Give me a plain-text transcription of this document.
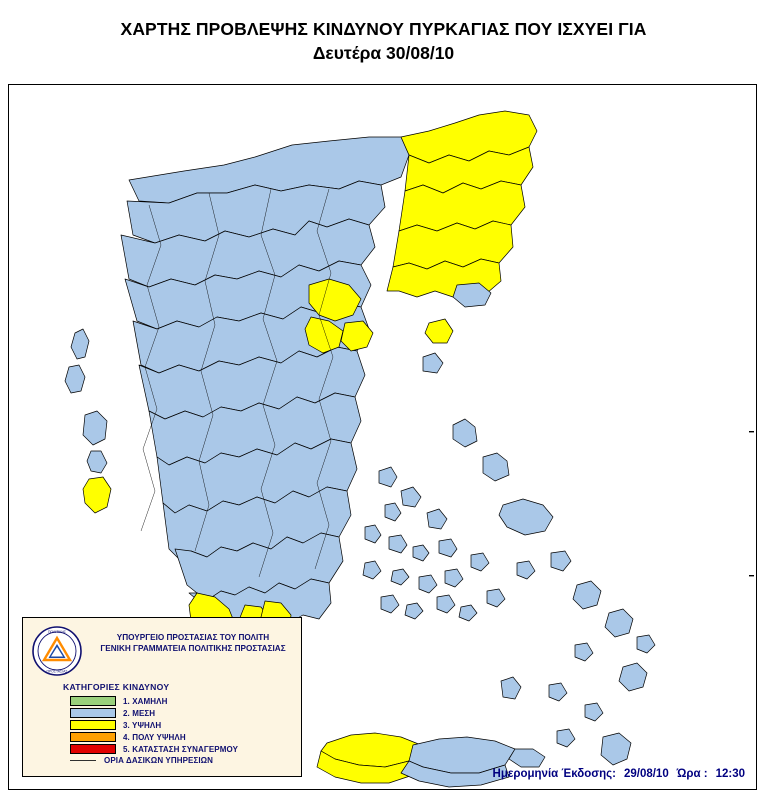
ΧΑΡΤΗΣ ΠΡΟΒΛΕΨΗΣ ΚΙΝΔΥΝΟΥ ΠΥΡΚΑΓΙΑΣ ΠΟΥ ΙΣΧΥΕΙ ΓΙΑ
Δευτέρα 30/08/10
ΠΟΛΙΤΙΚΗΣ
ΠΡΟΣΤΑΣΙΑΣ
ΥΠΟΥΡΓΕΙΟ ΠΡΟΣΤΑΣΙΑΣ ΤΟΥ ΠΟΛΙΤΗ
ΓΕΝΙΚΗ ΓΡΑΜΜΑΤΕΙΑ ΠΟΛΙΤΙΚΗΣ ΠΡΟΣΤΑΣΙΑΣ
ΚΑΤΗΓΟΡΙΕΣ ΚΙΝΔΥΝΟΥ
1. ΧΑΜΗΛΗ
2. ΜΕΣΗ
3. ΥΨΗΛΗ
4. ΠΟΛΥ ΥΨΗΛΗ
5. ΚΑΤΑΣΤΑΣΗ ΣΥΝΑΓΕΡΜΟΥ
ΟΡΙΑ ΔΑΣΙΚΩΝ ΥΠΗΡΕΣΙΩΝ
Ημερομηνία Έκδοσης: 29/08/10 Ώρα : 12:30
